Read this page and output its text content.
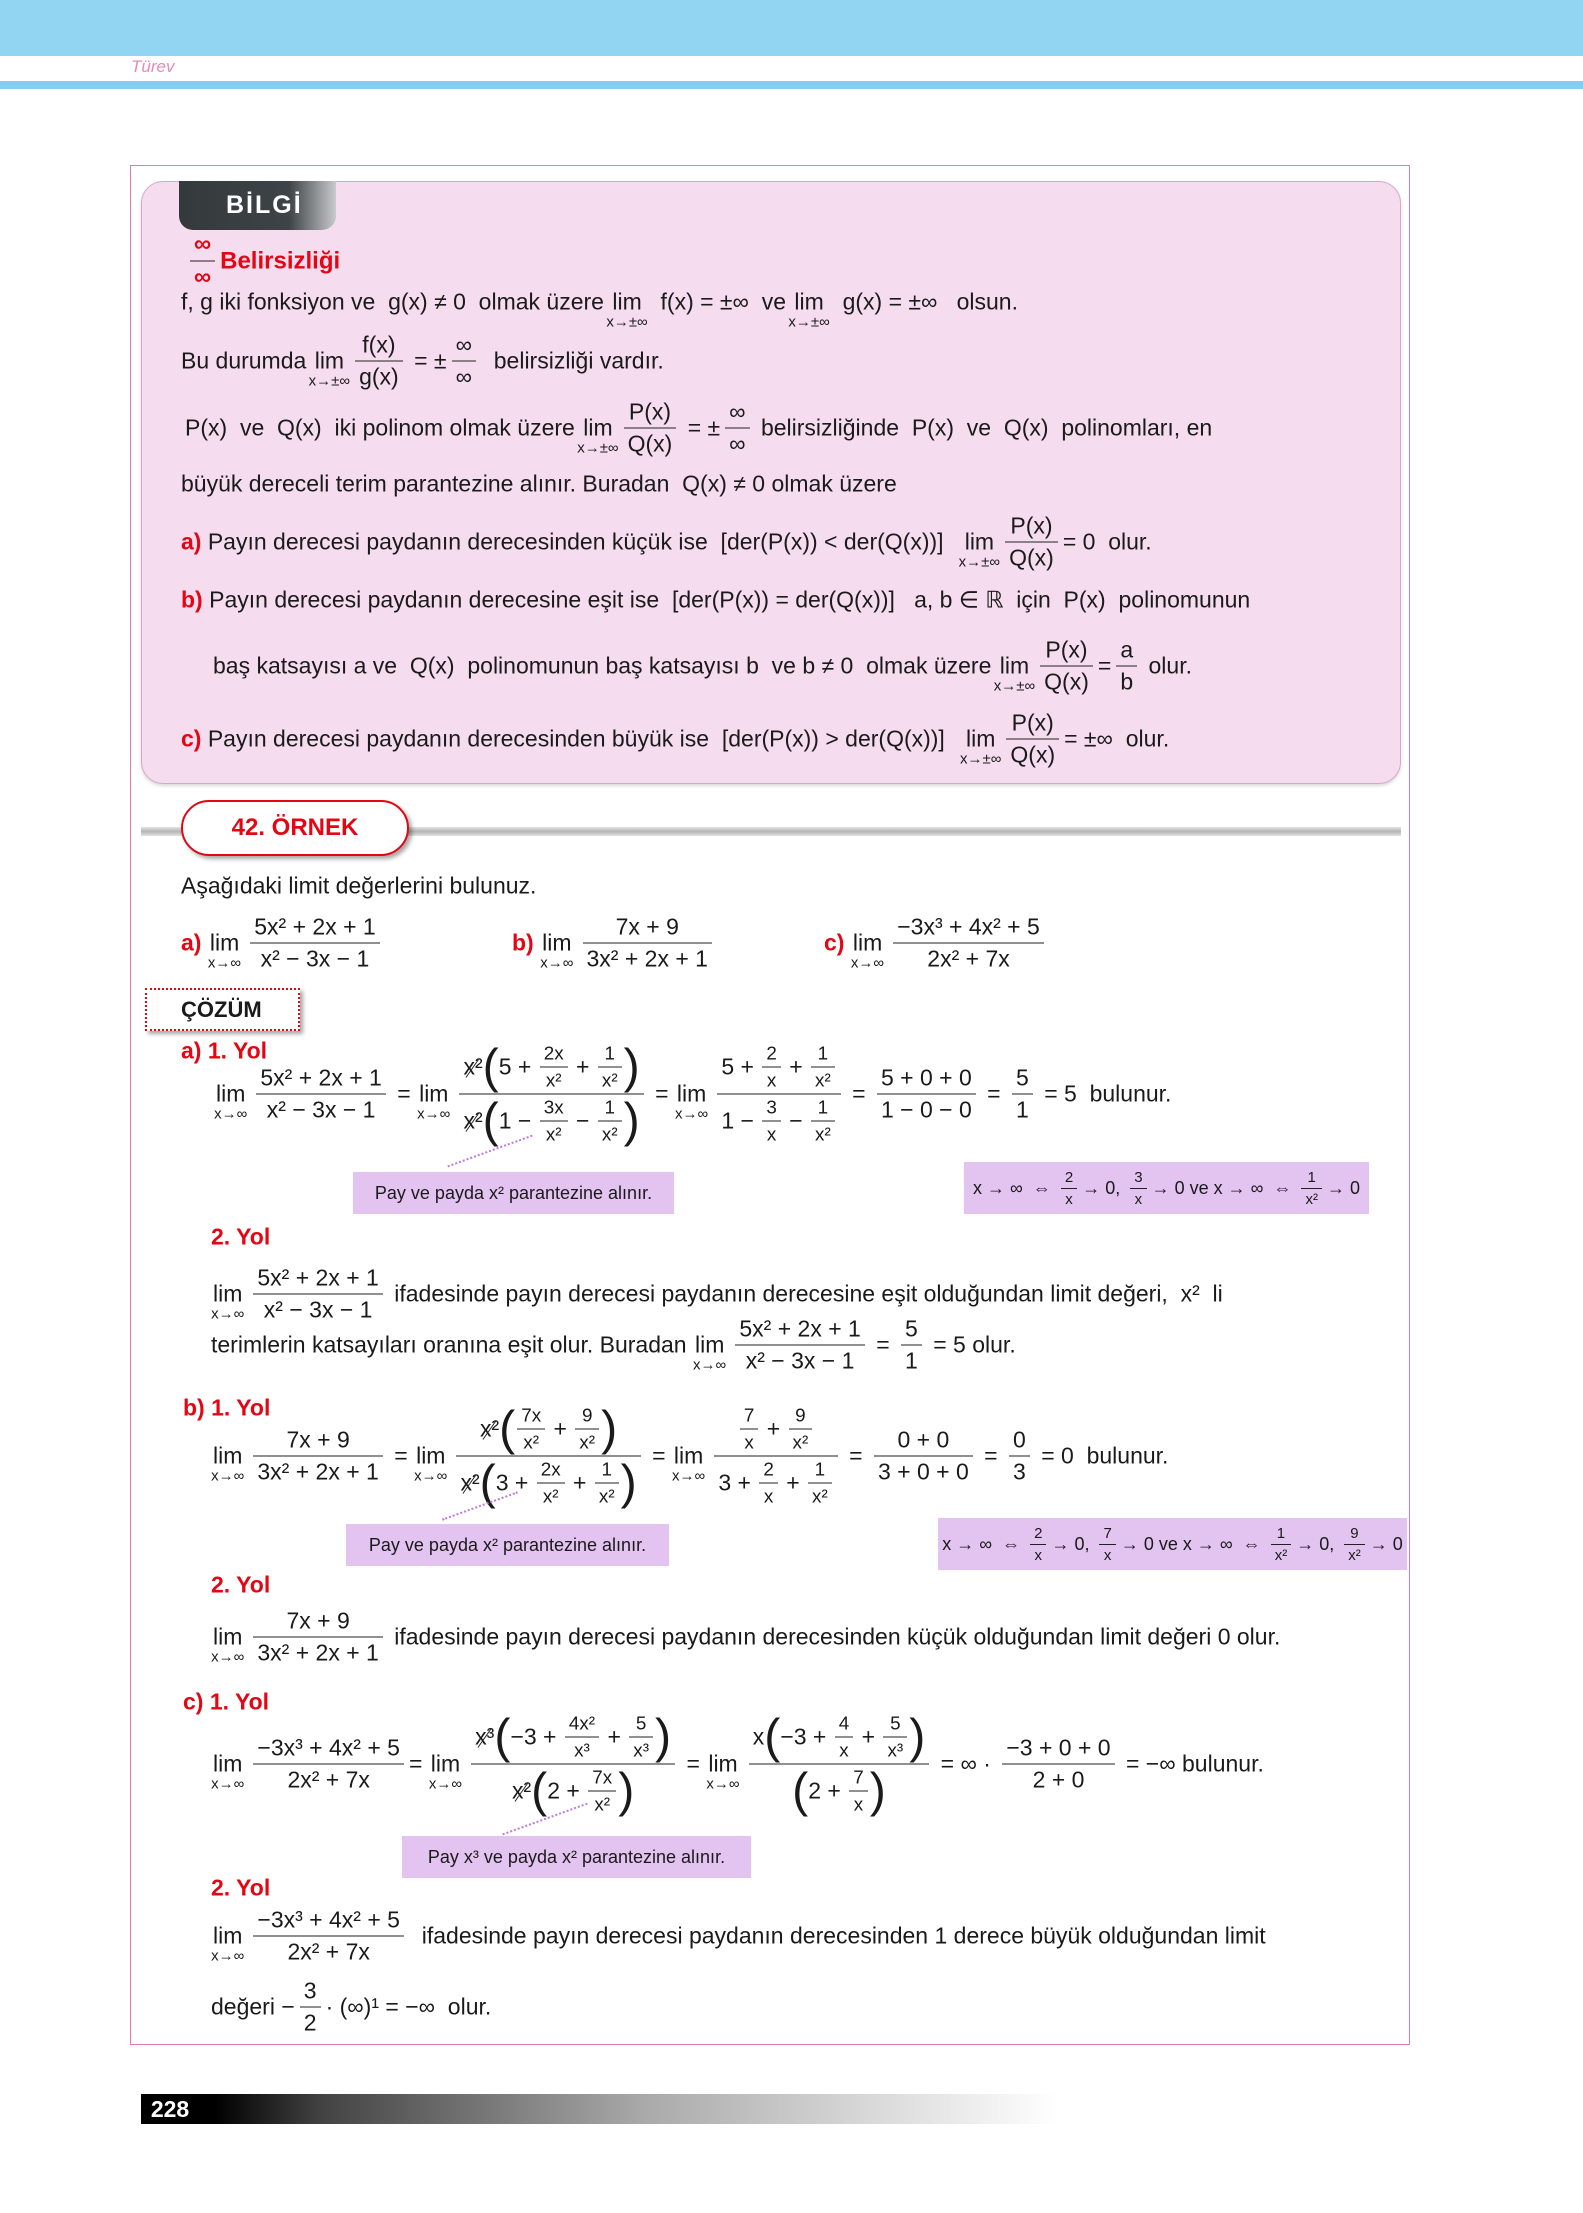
Türev
BİLGİ
$\frac{\infty}{\infty}$ Belirsizliği
f, g iki fonksiyon ve  g(x) ≠ 0  olmak üzere lim
x→±∞
f(x) = ±∞  ve lim
x→±∞
g(x) = ±∞   olsun.
Bu durumda lim
$x\to\pm\infty \frac{f(x)}{g(x)}$ = ± $\frac{\infty}{\infty}$ belirsizliği vardır.
P(x)  ve  Q(x)  iki polinom olmak üzere lim
$x\to\pm\infty \frac{P(x)}{Q(x)}$ = ± $\frac{\infty}{\infty}$ belirsizliğinde  P(x)  ve  Q(x)  polinomları, en
büyük dereceli terim parantezine alınır. Buradan  Q(x) ≠ 0 olmak üzere
a) Payın derecesi paydanın derecesinden küçük ise  [der(P(x)) < der(Q(x))] lim
$x\to\pm\infty \frac{P(x)}{Q(x)} = 0$  olur.
b) Payın derecesi paydanın derecesine eşit ise  [der(P(x)) = der(Q(x))]   a, b ∈ ℝ  için  P(x)  polinomunun
baş katsayısı a ve  Q(x)  polinomunun baş katsayısı b  ve b ≠ 0  olmak üzere lim
$x\to\pm\infty \frac{P(x)}{Q(x)} = \frac{a}{b}$ olur.
c) Payın derecesi paydanın derecesinden büyük ise  [der(P(x)) > der(Q(x))] lim
$x\to\pm\infty \frac{P(x)}{Q(x)}$ = ±∞  olur.
42. ÖRNEK
Aşağıdaki limit değerlerini bulunuz.
a)
lim
$x\to\infty \frac{\text{5x² + 2x + 1}}{\text{x² − 3x − 1}}$	b)
lim
$x\to\infty \frac{7x + 9}{\text{3x² + 2x + 1}}$	c)
lim
$x\to\infty \frac{\text{−3x³ + 4x² + 5}}{\text{2x² + 7x}}$
ÇÖZÜM
a)
1. Yol
lim
$x\to\infty \frac{\text{5x² + 2x + 1}}{\text{x² − 3x − 1}} = \lim$
x→∞ x² ( $5 + \frac{2x}{\text{x²}} + \frac{1}{\text{x²}}$
)
x² ( $1 - \frac{3x}{\text{x²}} - \frac{1}{\text{x²}}$
) = lim
$x\to\infty \frac{5 + \frac{2}{x} + \frac{1}{\text{x²}}}{1 - \frac{3}{x} - \frac{1}{\text{x²}}} = \frac{5 + 0 + 0}{1 - 0 - 0} = \frac{5}{1} = 5$  bulunur.
Pay ve payda x² parantezine alınır.	x → ∞  ⇔ $\frac{2}{x} \to 0$, $\frac{3}{x} \to 0$ ve x → ∞  ⇔ $\frac{1}{\text{x²}} \to 0$
2. Yol
lim
$x\to\infty \frac{\text{5x² + 2x + 1}}{\text{x² − 3x − 1}}$ ifadesinde payın derecesi paydanın derecesine eşit olduğundan limit değeri,  x²  li
terimlerin katsayıları oranına eşit olur. Buradan lim
$x\to\infty \frac{\text{5x² + 2x + 1}}{\text{x² − 3x − 1}} = \frac{5}{1} = 5$ olur.
b)
1. Yol
lim
$x\to\infty \frac{7x + 9}{\text{3x² + 2x + 1}} = \lim$
x→∞ x² ( $\frac{7x}{\text{x²}} + \frac{9}{\text{x²}}$
)
x² ( $3 + \frac{2x}{\text{x²}} + \frac{1}{\text{x²}}$
) = lim
$x\to\infty \frac{\frac{7}{x} + \frac{9}{\text{x²}}}{3 + \frac{2}{x} + \frac{1}{\text{x²}}} = \frac{0 + 0}{3 + 0 + 0} = \frac{0}{3} = 0$  bulunur.
Pay ve payda x² parantezine alınır.	x → ∞  ⇔ $\frac{2}{x} \to 0$, $\frac{7}{x} \to 0$ ve x → ∞  ⇔ $\frac{1}{\text{x²}} \to 0$, $\frac{9}{\text{x²}} \to 0$
2. Yol
lim
$x\to\infty \frac{7x + 9}{\text{3x² + 2x + 1}}$ ifadesinde payın derecesi paydanın derecesinden küçük olduğundan limit değeri 0 olur.
c)
1. Yol
lim
$x\to\infty \frac{\text{−3x³ + 4x² + 5}}{\text{2x² + 7x}} = \lim$
x→∞ x³ ( $-3 + \frac{\text{4x²}}{\text{x³}} + \frac{5}{\text{x³}}$
)
x² ( $2 + \frac{7x}{\text{x²}}$
) = lim
x→∞ x ( $-3 + \frac{4}{x} + \frac{5}{\text{x³}}$
)
( $2 + \frac{7}{x}$
) = ∞ · $\frac{-3 + 0 + 0}{2 + 0}$ = −∞ bulunur.
Pay x³ ve payda x² parantezine alınır.
2. Yol
lim
$x\to\infty \frac{\text{−3x³ + 4x² + 5}}{\text{2x² + 7x}}$ ifadesinde payın derecesi paydanın derecesinden 1 derece büyük olduğundan limit
değeri − $\frac{3}{2} \cdot (\infty)^1$ = −∞  olur.
228
